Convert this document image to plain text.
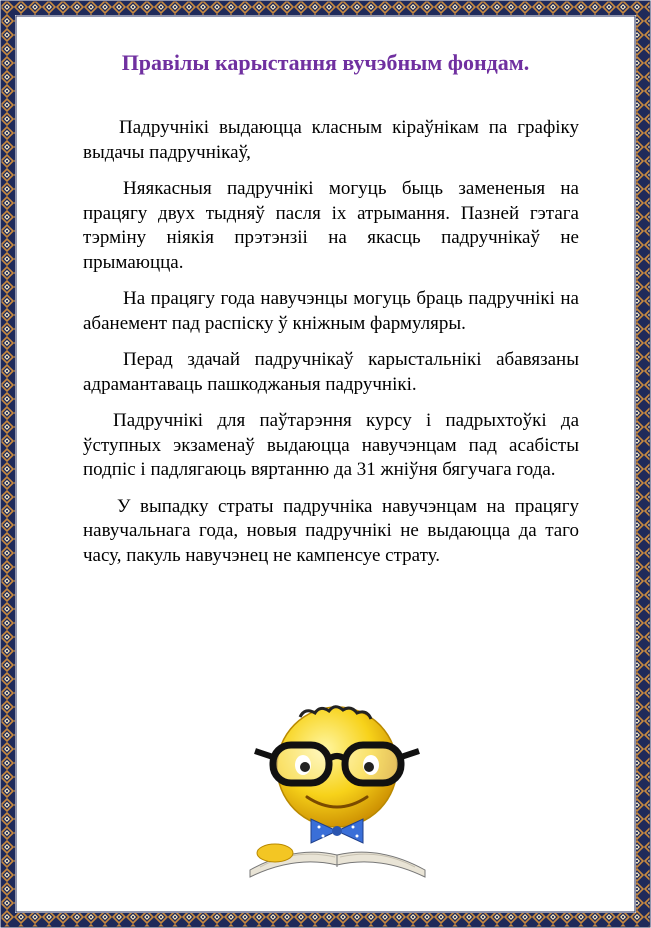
Правілы карыстання вучэбным фондам.

Падручнікі выдаюцца класным кіраўнікам па графіку выдачы падручнікаў,

Няякасныя падручнікі могуць быць замененыя на працягу двух тыдняў пасля іх атрымання. Пазней гэтага тэрміну ніякія прэтэнзіі на якасць падручнікаў не прымаюцца.

На працягу года навучэнцы могуць браць падручнікі на абанемент пад распіску ў кніжным фармуляры.

Перад здачай падручнікаў карыстальнікі абавязаны адрамантаваць пашкоджаныя падручнікі.

Падручнікі для паўтарэння курсу і падрыхтоўкі да ўступных экзаменаў выдаюцца навучэнцам пад асабісты подпіс і падлягаюць вяртанню да 31 жніўня бягучага года.

У выпадку страты падручніка навучэнцам на працягу навучальнага года, новыя падручнікі не выдаюцца да таго часу, пакуль навучэнец не кампенсуе страту.
